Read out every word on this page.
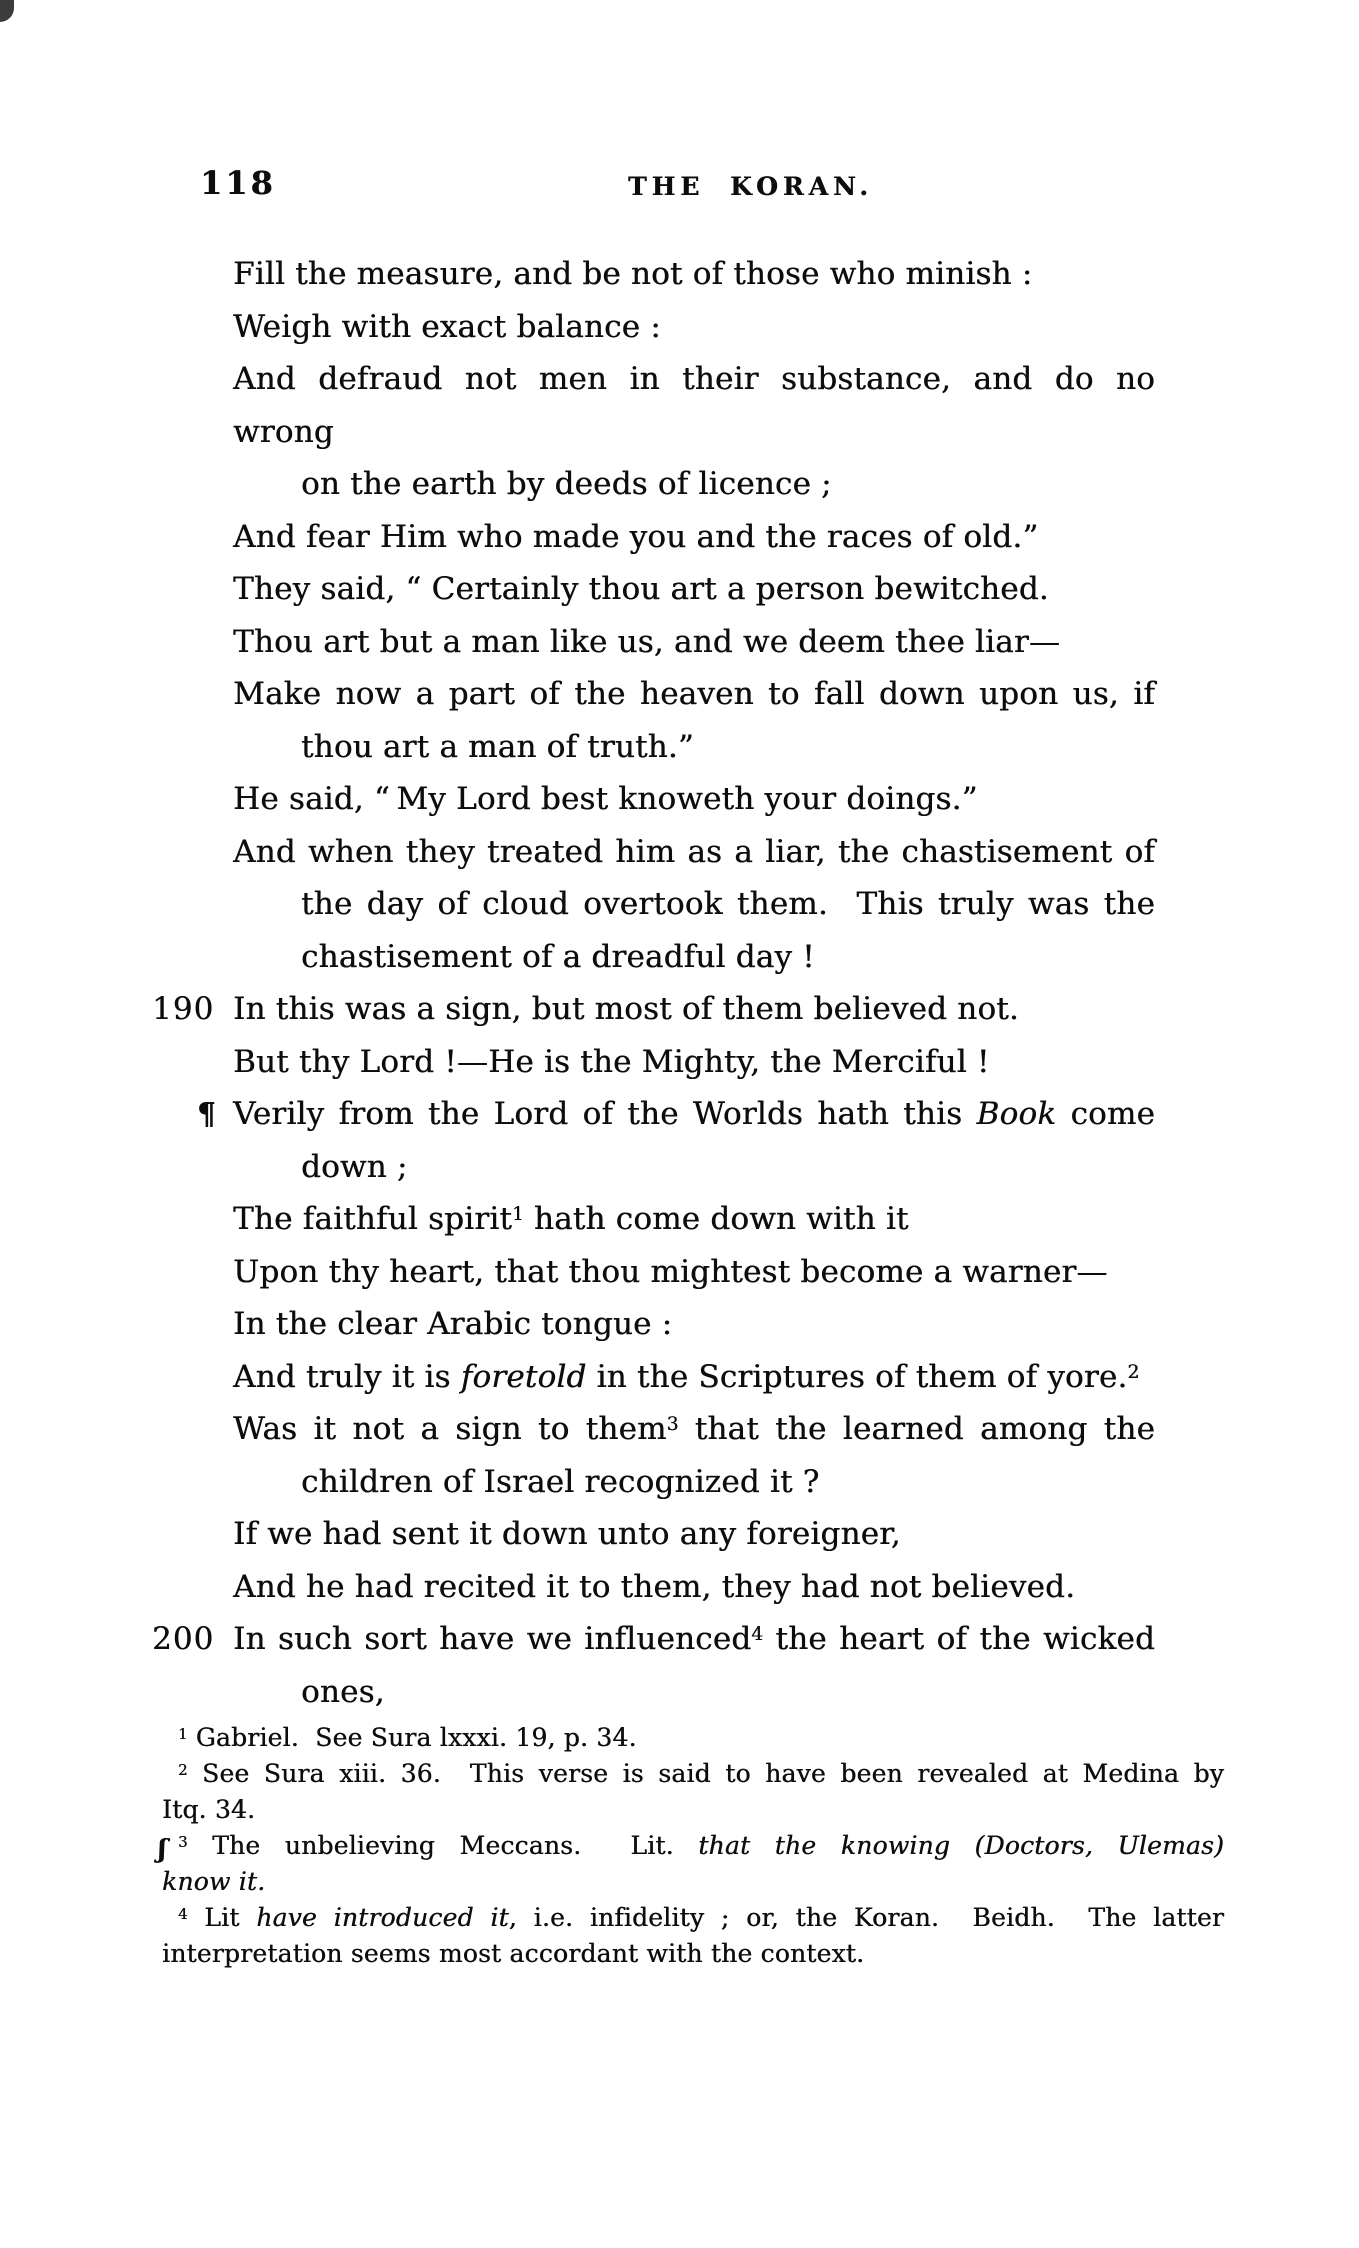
118	THE KORAN.
Fill the measure, and be not of those who minish :
Weigh with exact balance :
And defraud not men in their substance, and do no wrong
on the earth by deeds of licence ;
And fear Him who made you and the races of old.”
They said, “ Certainly thou art a person bewitched.
Thou art but a man like us, and we deem thee liar—
Make now a part of the heaven to fall down upon us, if
thou art a man of truth.”
He said, “ My Lord best knoweth your doings.”
And when they treated him as a liar, the chastisement of
the day of cloud overtook them.  This truly was the
chastisement of a dreadful day !
190 In this was a sign, but most of them believed not.
But thy Lord !—He is the Mighty, the Merciful !
¶ Verily from the Lord of the Worlds hath this Book come
down ;
The faithful spirit$^1$ hath come down with it
Upon thy heart, that thou mightest become a warner—
In the clear Arabic tongue :
And truly it is foretold in the Scriptures of them of yore.$^2$
Was it not a sign to them$^3$ that the learned among the
children of Israel recognized it ?
If we had sent it down unto any foreigner,
And he had recited it to them, they had not believed.
200 In such sort have we influenced$^4$ the heart of the wicked
ones,
$^1$ Gabriel.  See Sura lxxxi. 19, p. 34.
$^2$ See Sura xiii. 36.  This verse is said to have been revealed at Medina by
Itq. 34.
ʃ $^3$ The unbelieving Meccans.  Lit. that the knowing (Doctors, Ulemas)
know it.
$^4$ Lit have introduced it, i.e. infidelity ; or, the Koran.  Beidh.  The latter
interpretation seems most accordant with the context.
